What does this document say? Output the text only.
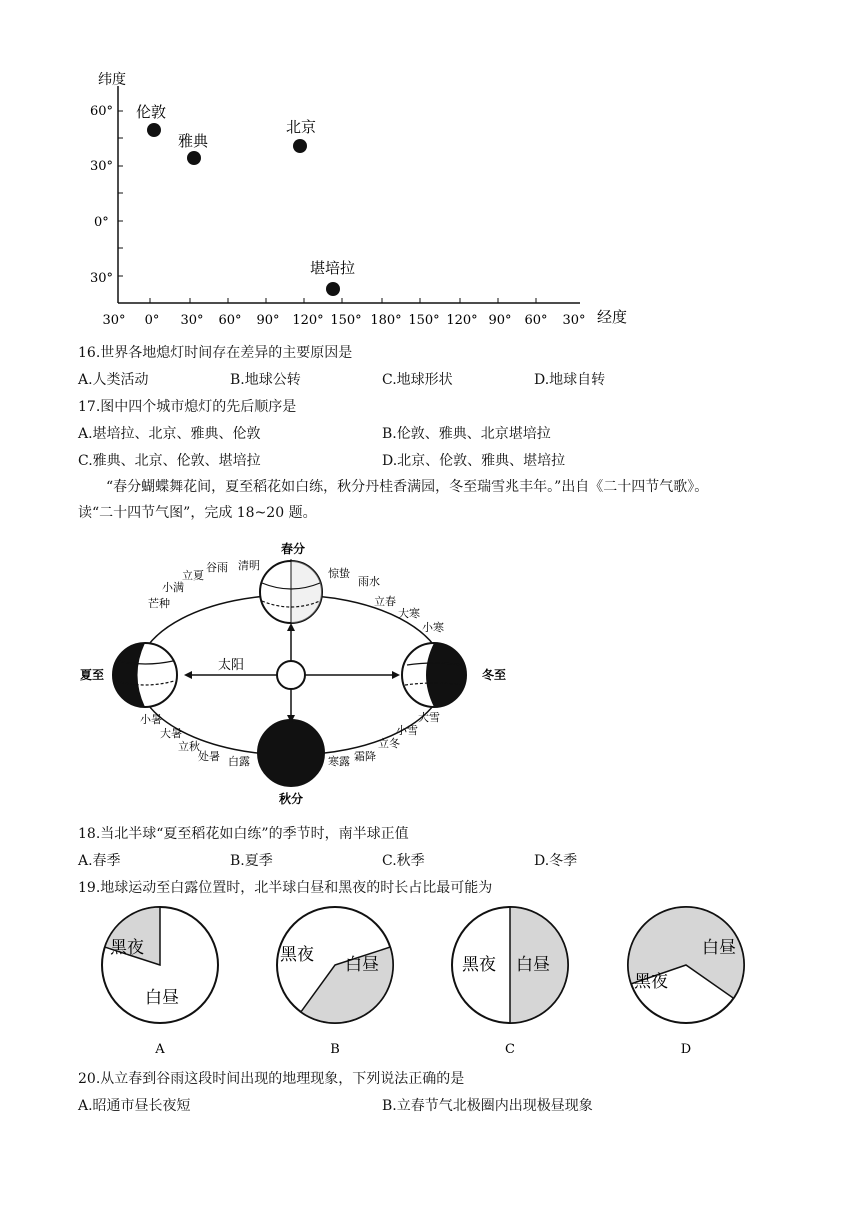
纬度
60°
30°
0°
30°
30° 0° 30° 60° 90° 120° 150° 180° 150° 120° 90° 60° 30° 经度
伦敦
雅典
北京
堪培拉
16.世界各地熄灯时间存在差异的主要原因是
A.人类活动	B.地球公转	C.地球形状	D.地球自转
17.图中四个城市熄灯的先后顺序是
A.堪培拉、北京、雅典、伦敦	B.伦敦、雅典、北京堪培拉
C.雅典、北京、伦敦、堪培拉	D.北京、伦敦、雅典、堪培拉
“春分蝴蝶舞花间，夏至稻花如白练，秋分丹桂香满园，冬至瑞雪兆丰年。”出自《二十四节气歌》。
读“二十四节气图”，完成 18~20 题。
太阳
春分
夏至	冬至
秋分
清明
谷雨
立夏
小满
芒种
小暑
大暑
立秋
处暑 白露	寒露 霜降
立冬
小雪
大雪
小寒
大寒
立春
雨水
惊蛰
18.当北半球“夏至稻花如白练”的季节时，南半球正值
A.春季	B.夏季	C.秋季	D.冬季
19.地球运动至白露位置时，北半球白昼和黑夜的时长占比最可能为
黑夜
白昼
A
黑夜 白昼
B
黑夜 白昼
C
黑夜
白昼
D
20.从立春到谷雨这段时间出现的地理现象，下列说法正确的是
A.昭通市昼长夜短	B.立春节气北极圈内出现极昼现象
